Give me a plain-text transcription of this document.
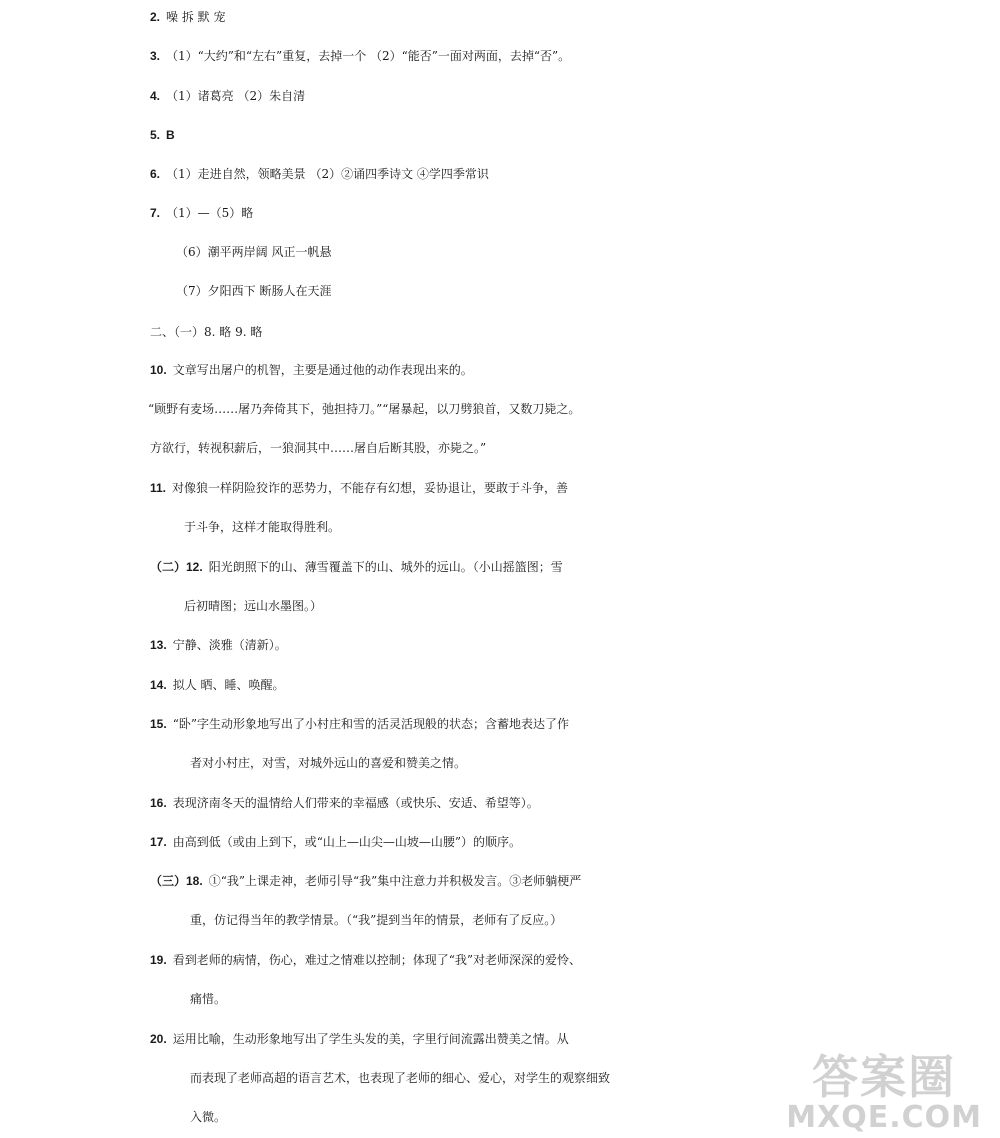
2. 噪 拆 默 宠
3. （1）“大约”和“左右”重复，去掉一个 （2）“能否”一面对两面，去掉“否”。
4. （1）诸葛亮 （2）朱自清
5. B
6. （1）走进自然，领略美景 （2）②诵四季诗文 ④学四季常识
7. （1）—（5）略
（6）潮平两岸阔 风正一帆悬
（7）夕阳西下 断肠人在天涯
二、（一）8. 略 9. 略
10. 文章写出屠户的机智，主要是通过他的动作表现出来的。
“顾野有麦场……屠乃奔倚其下，弛担持刀。”“屠暴起，以刀劈狼首，又数刀毙之。
方欲行，转视积薪后，一狼洞其中……屠自后断其股，亦毙之。”
11. 对像狼一样阴险狡诈的恶势力，不能存有幻想，妥协退让，要敢于斗争，善
于斗争，这样才能取得胜利。
（二）12. 阳光朗照下的山、薄雪覆盖下的山、城外的远山。（小山摇篮图；雪
后初晴图；远山水墨图。）
13. 宁静、淡雅（清新）。
14. 拟人 晒、睡、唤醒。
15. “卧”字生动形象地写出了小村庄和雪的活灵活现般的状态；含蓄地表达了作
者对小村庄，对雪，对城外远山的喜爱和赞美之情。
16. 表现济南冬天的温情给人们带来的幸福感（或快乐、安适、希望等）。
17. 由高到低（或由上到下，或“山上—山尖—山坡—山腰”）的顺序。
（三）18. ①“我”上课走神，老师引导“我”集中注意力并积极发言。③老师躺梗严
重，仿记得当年的教学情景。（“我”提到当年的情景，老师有了反应。）
19. 看到老师的病情，伤心，难过之情难以控制；体现了“我”对老师深深的爱怜、
痛惜。
20. 运用比喻，生动形象地写出了学生头发的美，字里行间流露出赞美之情。从
而表现了老师高超的语言艺术，也表现了老师的细心、爱心，对学生的观察细致
入微。
答案圈
MXQE.COM
